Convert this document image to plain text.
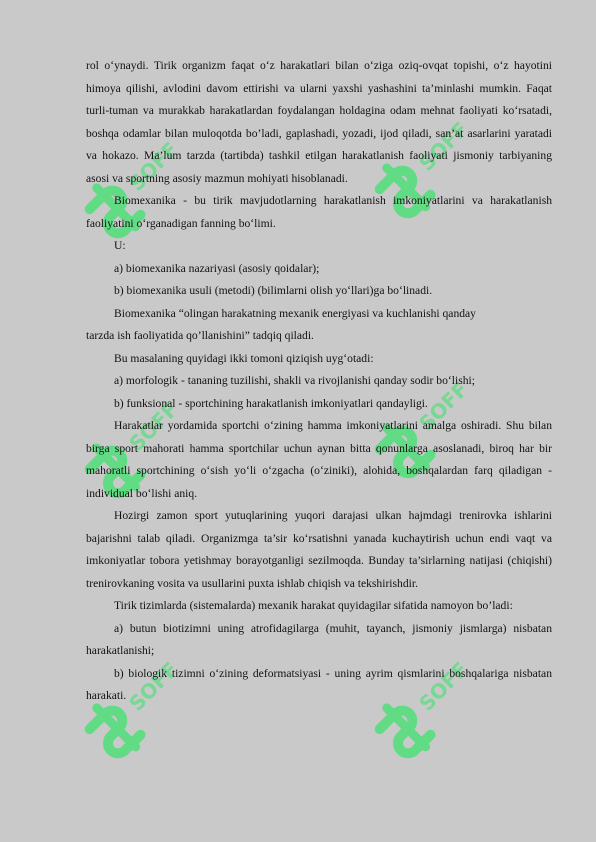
SOFF	SOFF
SOFF	SOFF
SOFF	SOFF

rol o‘ynaydi. Tirik organizm faqat o‘z harakatlari bilan o‘ziga oziq-ovqat topishi, o‘z hayotini himoya qilishi, avlodini davom ettirishi va ularni yaxshi yashashini ta’minlashi mumkin. Faqat turli-tuman va murakkab harakatlardan foydalangan holdagina odam mehnat faoliyati ko‘rsatadi, boshqa odamlar bilan muloqotda bo’ladi, gaplashadi, yozadi, ijod qiladi, san’at asarlarini yaratadi va hokazo. Ma’lum tarzda (tartibda) tashkil etilgan harakatlanish faoliyati jismoniy tarbiyaning asosi va sportning asosiy mazmun mohiyati hisoblanadi.

Biomexanika - bu tirik mavjudotlarning harakatlanish imkoniyatlarini va harakatlanish faoliyatini o‘rganadigan fanning bo‘limi.

U:

a) biomexanika nazariyasi (asosiy qoidalar);

b) biomexanika usuli (metodi) (bilimlarni olish yo‘llari)ga bo‘linadi.

Biomexanika “olingan harakatning mexanik energiyasi va kuchlanishi qanday

tarzda ish faoliyatida qo’llanishini” tadqiq qiladi.

Bu masalaning quyidagi ikki tomoni qiziqish uyg‘otadi:

a) morfologik - tananing tuzilishi, shakli va rivojlanishi qanday sodir bo‘lishi;

b) funksional - sportchining harakatlanish imkoniyatlari qandayligi.

Harakatlar yordamida sportchi o‘zining hamma imkoniyatlarini amalga oshiradi. Shu bilan birga sport mahorati hamma sportchilar uchun aynan bitta qonunlarga asoslanadi, biroq har bir mahoratli sportchining o‘sish yo‘li o‘zgacha (o‘ziniki), alohida, boshqalardan farq qiladigan - individual bo‘lishi aniq.

Hozirgi zamon sport yutuqlarining yuqori darajasi ulkan hajmdagi trenirovka ishlarini bajarishni talab qiladi. Organizmga ta’sir ko‘rsatishni yanada kuchaytirish uchun endi vaqt va imkoniyatlar tobora yetishmay borayotganligi sezilmoqda. Bunday ta’sirlarning natijasi (chiqishi) trenirovkaning vosita va usullarini puxta ishlab chiqish va tekshirishdir.

Tirik tizimlarda (sistemalarda) mexanik harakat quyidagilar sifatida namoyon bo’ladi:

a) butun biotizimni uning atrofidagilarga (muhit, tayanch, jismoniy jismlarga) nisbatan harakatlanishi;

b) biologik tizimni o‘zining deformatsiyasi - uning ayrim qismlarini boshqalariga nisbatan harakati.
